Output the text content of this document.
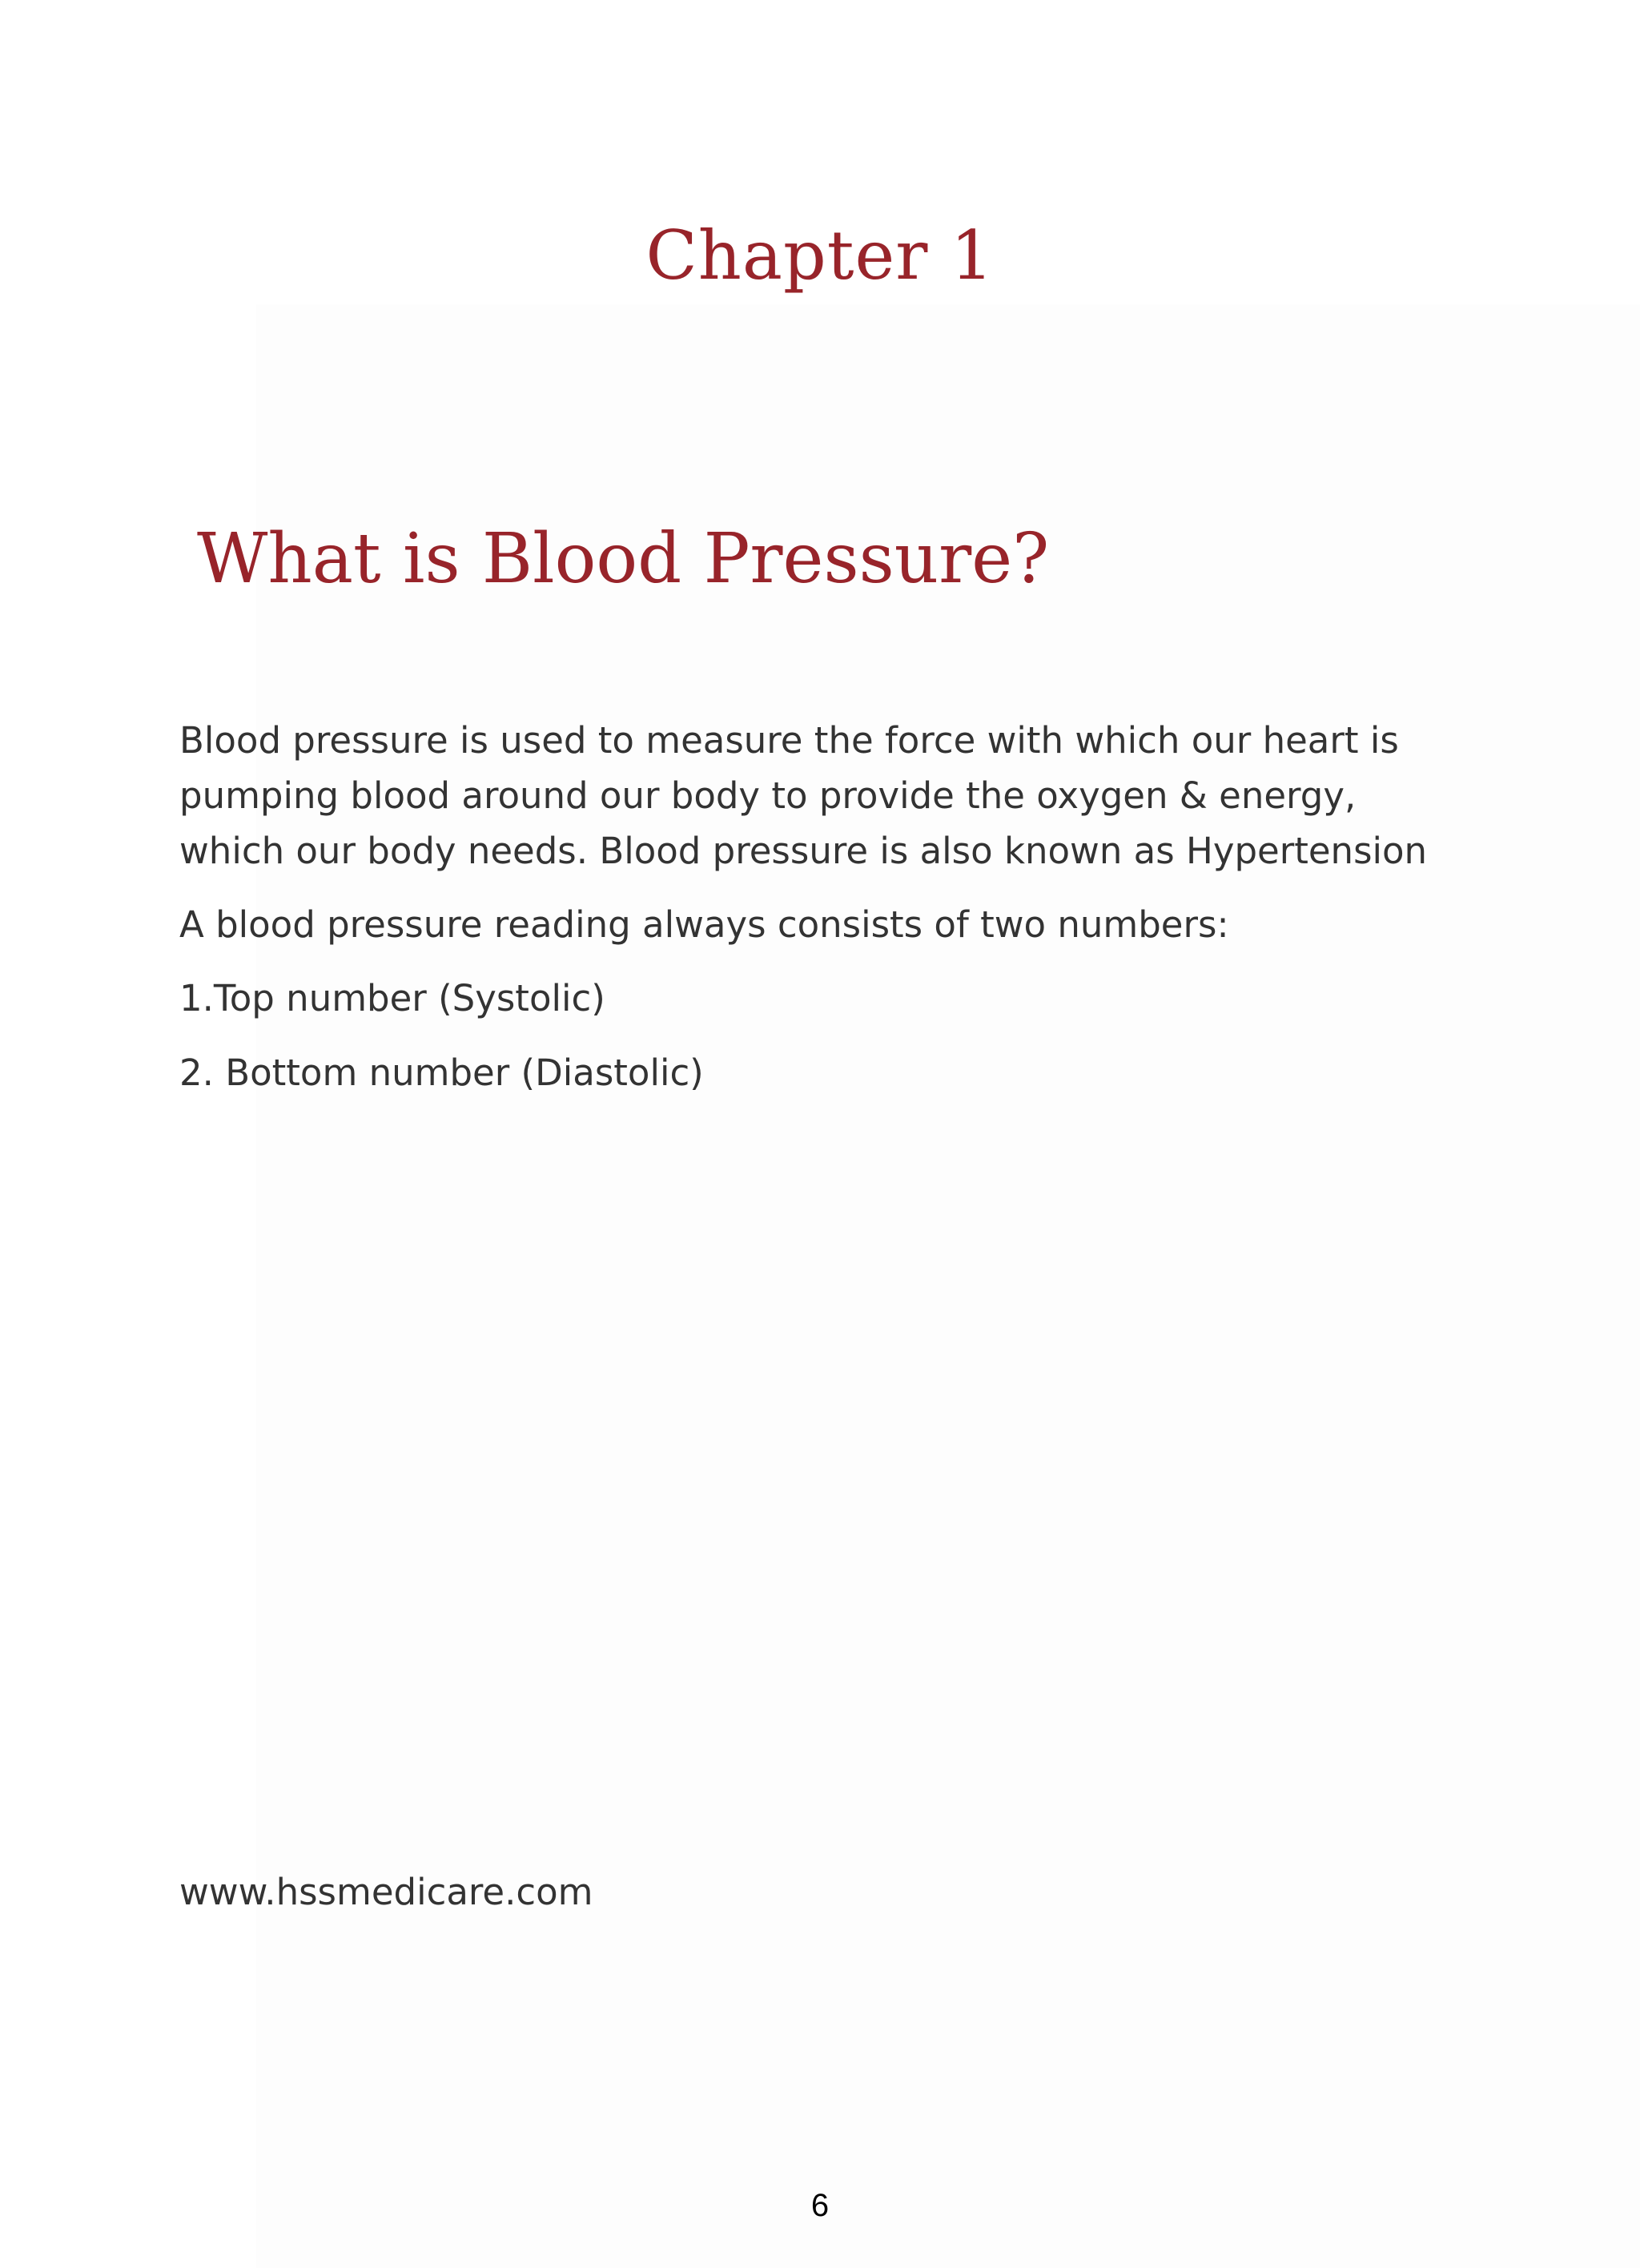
Chapter 1
What is Blood Pressure?

Blood pressure is used to measure the force with which our heart is pumping blood around our body to provide the oxygen & energy, which our body needs. Blood pressure is also known as Hypertension

A blood pressure reading always consists of two numbers:

1.Top number (Systolic)

2. Bottom number (Diastolic)

www.hssmedicare.com

6
